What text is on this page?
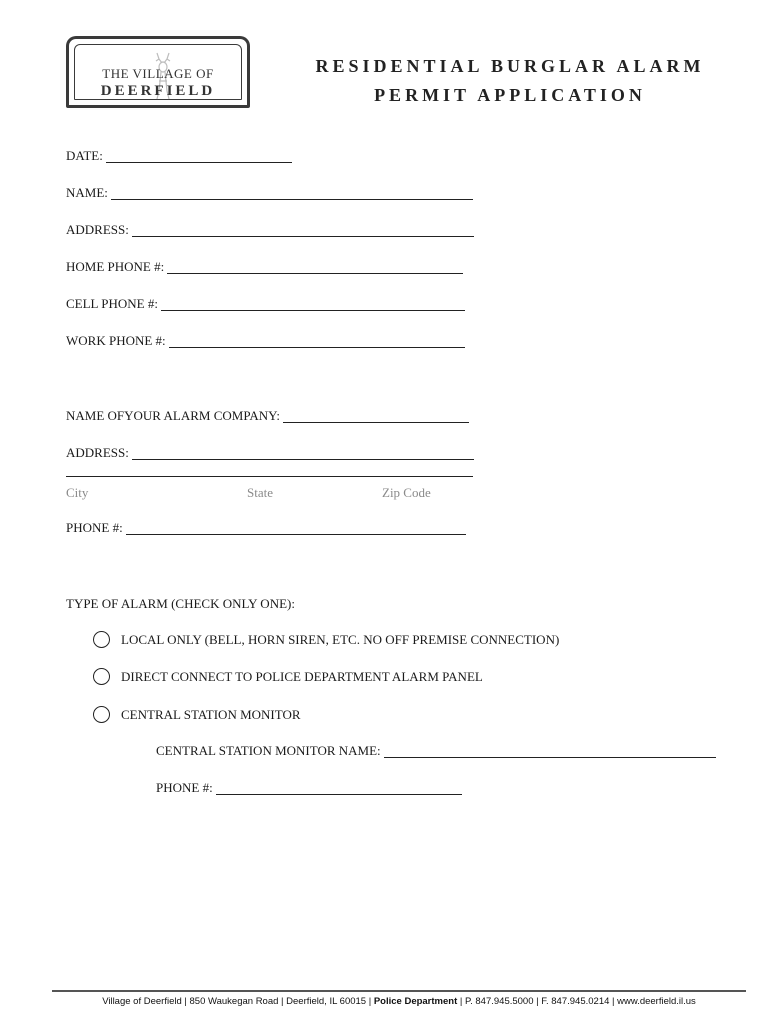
THE VILLAGE OF
DEERFIELD
RESIDENTIAL BURGLAR ALARM
PERMIT APPLICATION
DATE:
NAME:
ADDRESS:
HOME PHONE #:
CELL PHONE #:
WORK PHONE #:
NAME OFYOUR ALARM COMPANY:
ADDRESS:
City	State	Zip Code
PHONE #:
TYPE OF ALARM (CHECK ONLY ONE):
LOCAL ONLY (BELL, HORN SIREN, ETC. NO OFF PREMISE CONNECTION)
DIRECT CONNECT TO POLICE DEPARTMENT ALARM PANEL
CENTRAL STATION MONITOR
CENTRAL STATION MONITOR NAME:
PHONE #:
Village of Deerfield | 850 Waukegan Road | Deerfield, IL 60015 | Police Department | P. 847.945.5000 | F. 847.945.0214 | www.deerfield.il.us
